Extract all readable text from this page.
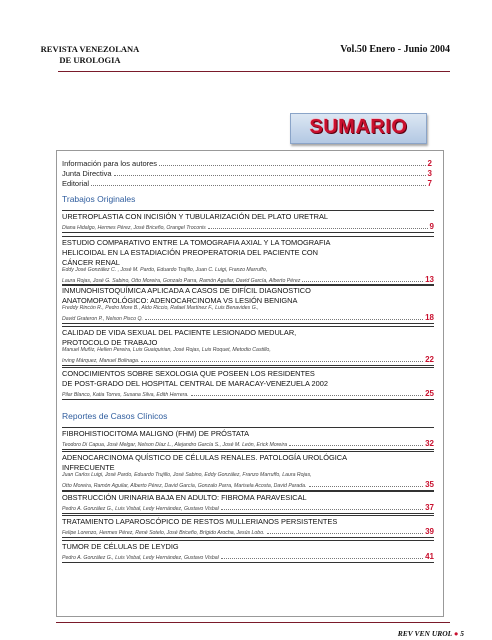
REVISTA VENEZOLANA
DE UROLOGIA
Vol.50 Enero - Junio 2004
SUMARIO
Información para los autores	2
Junta Directiva	3
Editorial	7
Trabajos Originales
URETROPLASTIA CON INCISIÓN Y TUBULARIZACIÓN DEL PLATO URETRAL
Diana Hidalgo, Hermes Pérez, José Briceño, Orangel Troconis	9
ESTUDIO COMPARATIVO ENTRE LA TOMOGRAFIA AXIAL Y LA TOMOGRAFIA
HELICOIDAL EN LA ESTADIACIÓN PREOPERATORIA DEL PACIENTE CON
CÁNCER RENAL
Eddy José González C. , José M. Pardo, Eduardo Trujillo, Juan C. Luigi, Franzo Marruffo,
Laura Rojas, José G. Sabino, Otto Moreira, Gonzalo Parra, Ramón Aguilar, David García, Alberto Pérez	13
INMUNOHISTOQUÍMICA APLICADA A CASOS DE DIFÍCIL DIAGNOSTICO
ANATOMOPATOLÓGICO: ADENOCARCINOMA VS LESIÓN BENIGNA
Freddy Rincón R., Pedro More B., Aldo Riccio, Rafael Martínez F., Luis Benavides G.,
David Grateron P., Nelson Pisco Q.	18
CALIDAD DE VIDA SEXUAL DEL PACIENTE LESIONADO MEDULAR,
PROTOCOLO DE TRABAJO
Manuel Muñiz, Hellen Pereira, Luis Guaiquirian, José Rojas, Luis Roquet, Metodio Castillo,
Irving Márquez, Manuel Bolinaga.	22
CONOCIMIENTOS SOBRE SEXOLOGIA QUE POSEEN LOS RESIDENTES
DE POST-GRADO DEL HOSPITAL CENTRAL DE MARACAY-VENEZUELA 2002
Pilar Blanco, Katia Torres, Susana Silva, Edith Herrera.	25
Reportes de Casos Clínicos
FIBROHISTIOCITOMA MALIGNO (FHM) DE PRÓSTATA
Teodoro Di Capua, José Melgar, Nelson Díaz L., Alejandro García S., José M. León, Erick Moreira	32
ADENOCARCINOMA QUÍSTICO DE CÉLULAS RENALES. PATOLOGÍA UROLÓGICA
INFRECUENTE
Juan Carlos Luigi, José Pardo, Eduardo Trujillo, José Sabino, Eddy González, Franzo Marruffo, Laura Rojas,
Otto Moreira, Ramón Aguilar, Alberto Pérez, David García, Gonzalo Parra, Marisela Acosta, David Parada.	35
OBSTRUCCIÓN URINARIA BAJA EN ADULTO: FIBROMA PARAVESICAL
Pedro A. González G., Luis Visbal, Ledy Hernández, Gustavo Visbal	37
TRATAMIENTO LAPAROSCÓPICO DE RESTOS MULLERIANOS PERSISTENTES
Felipe Lorenzo, Hermes Pérez, René Sotelo, José Briceño, Brígido Arocha, Jesús Lobo.	39
TUMOR DE CÉLULAS DE LEYDIG
Pedro A. González G., Luis Visbal, Ledy Hernández, Gustavo Visbal	41
REV VEN UROL ● 5
